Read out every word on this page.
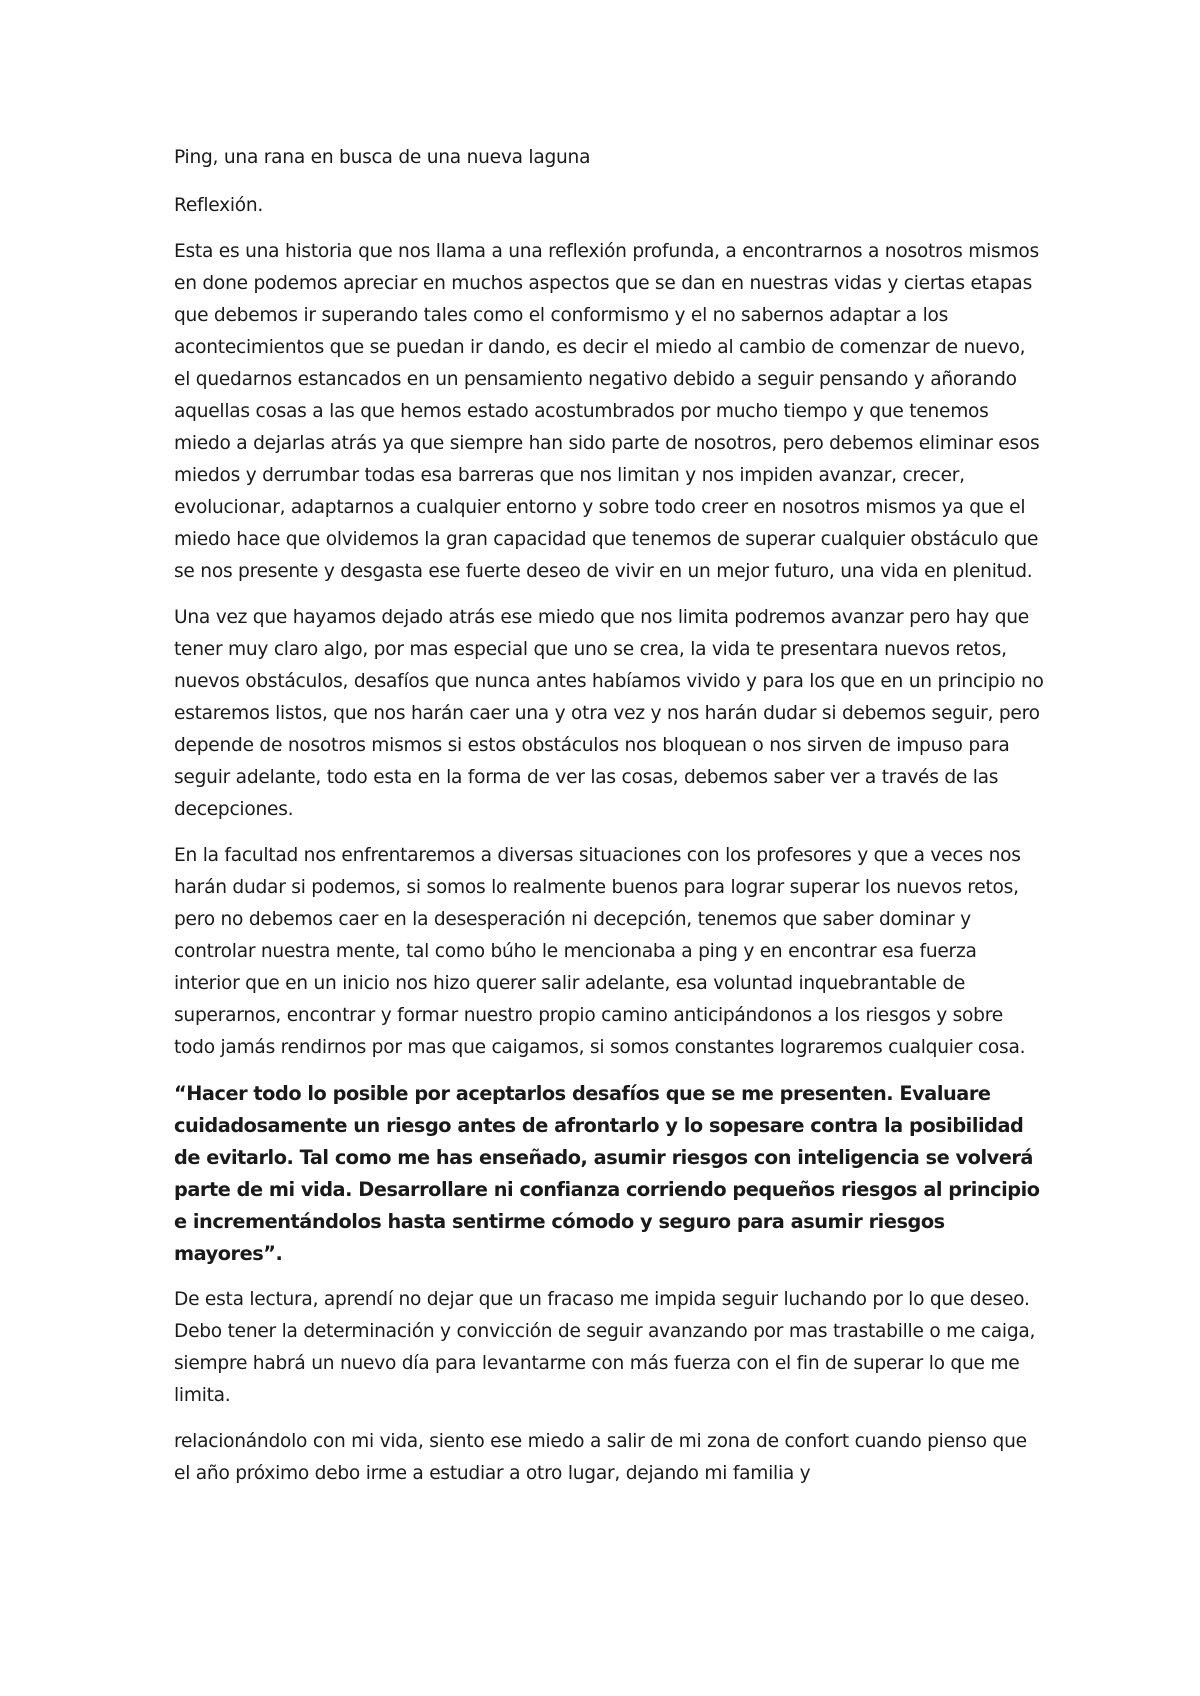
Ping, una rana en busca de una nueva laguna

Reflexión.

Esta es una historia que nos llama a una reflexión profunda, a encontrarnos a nosotros mismos en done podemos apreciar en muchos aspectos que se dan en nuestras vidas y ciertas etapas que debemos ir superando tales como el conformismo y el no sabernos adaptar a los acontecimientos que se puedan ir dando, es decir el miedo al cambio de comenzar de nuevo, el quedarnos estancados en un pensamiento negativo debido a seguir pensando y añorando aquellas cosas a las que hemos estado acostumbrados por mucho tiempo y que tenemos miedo a dejarlas atrás ya que siempre han sido parte de nosotros, pero debemos eliminar esos miedos y derrumbar todas esa barreras que nos limitan y nos impiden avanzar, crecer, evolucionar, adaptarnos a cualquier entorno y sobre todo creer en nosotros mismos ya que el miedo hace que olvidemos la gran capacidad que tenemos de superar cualquier obstáculo que se nos presente y desgasta ese fuerte deseo de vivir en un mejor futuro, una vida en plenitud.

Una vez que hayamos dejado atrás ese miedo que nos limita podremos avanzar pero hay que tener muy claro algo, por mas especial que uno se crea, la vida te presentara nuevos retos, nuevos obstáculos, desafíos que nunca antes habíamos vivido y para los que en un principio no estaremos listos, que nos harán caer una y otra vez y nos harán dudar si debemos seguir, pero depende de nosotros mismos si estos obstáculos nos bloquean o nos sirven de impuso para seguir adelante, todo esta en la forma de ver las cosas, debemos saber ver a través de las decepciones.

En la facultad nos enfrentaremos a diversas situaciones con los profesores y que a veces nos harán dudar si podemos, si somos lo realmente buenos para lograr superar los nuevos retos, pero no debemos caer en la desesperación ni decepción, tenemos que saber dominar y controlar nuestra mente, tal como búho le mencionaba a ping y en encontrar esa fuerza interior que en un inicio nos hizo querer salir adelante, esa voluntad inquebrantable de superarnos, encontrar y formar nuestro propio camino anticipándonos a los riesgos y sobre todo jamás rendirnos por mas que caigamos, si somos constantes lograremos cualquier cosa.

“Hacer todo lo posible por aceptarlos desafíos que se me presenten. Evaluare cuidadosamente un riesgo antes de afrontarlo y lo sopesare contra la posibilidad de evitarlo. Tal como me has enseñado, asumir riesgos con inteligencia se volverá parte de mi vida. Desarrollare ni confianza corriendo pequeños riesgos al principio e incrementándolos hasta sentirme cómodo y seguro para asumir riesgos mayores”.

De esta lectura, aprendí no dejar que un fracaso me impida seguir luchando por lo que deseo. Debo tener la determinación y convicción de seguir avanzando por mas trastabille o me caiga, siempre habrá un nuevo día para levantarme con más fuerza con el fin de superar lo que me limita.

relacionándolo con mi vida, siento ese miedo a salir de mi zona de confort cuando pienso que el año próximo debo irme a estudiar a otro lugar, dejando mi familia y
